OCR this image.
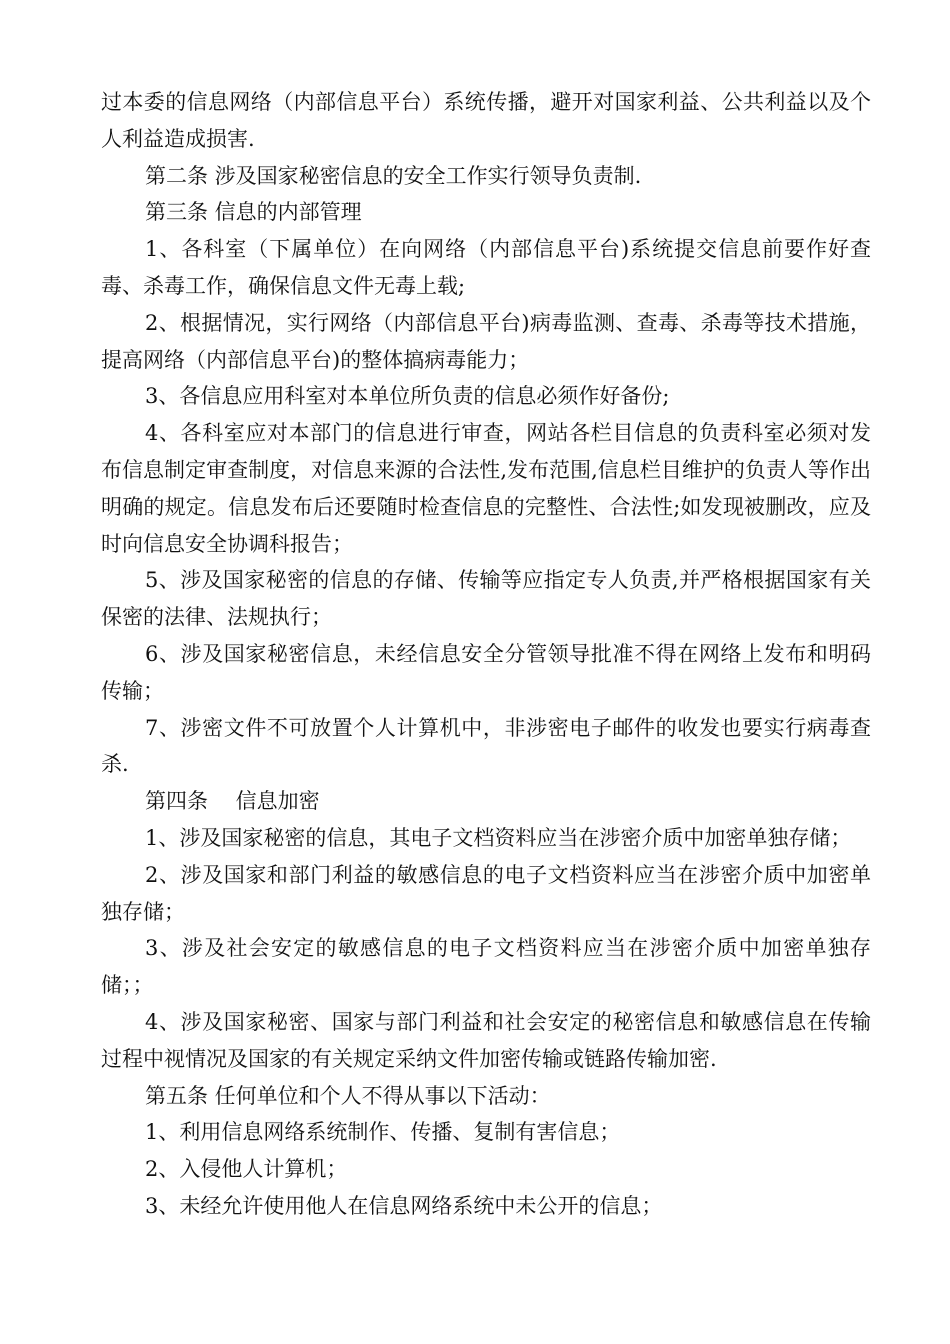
过本委的信息网络（内部信息平台）系统传播，避开对国家利益、公共利益以及个人利益造成损害.

第二条 涉及国家秘密信息的安全工作实行领导负责制.

第三条 信息的内部管理

1、各科室（下属单位）在向网络（内部信息平台)系统提交信息前要作好查毒、杀毒工作，确保信息文件无毒上载;

2、根据情况，实行网络（内部信息平台)病毒监测、查毒、杀毒等技术措施，提高网络（内部信息平台)的整体搞病毒能力；

3、各信息应用科室对本单位所负责的信息必须作好备份;

4、各科室应对本部门的信息进行审查，网站各栏目信息的负责科室必须对发布信息制定审查制度，对信息来源的合法性,发布范围,信息栏目维护的负责人等作出明确的规定。信息发布后还要随时检查信息的完整性、合法性;如发现被删改，应及时向信息安全协调科报告；

5、涉及国家秘密的信息的存储、传输等应指定专人负责,并严格根据国家有关保密的法律、法规执行；

6、涉及国家秘密信息，未经信息安全分管领导批准不得在网络上发布和明码传输；

7、涉密文件不可放置个人计算机中，非涉密电子邮件的收发也要实行病毒查杀.

第四条　 信息加密

1、涉及国家秘密的信息，其电子文档资料应当在涉密介质中加密单独存储；

2、涉及国家和部门利益的敏感信息的电子文档资料应当在涉密介质中加密单独存储；

3、涉及社会安定的敏感信息的电子文档资料应当在涉密介质中加密单独存储；；

4、涉及国家秘密、国家与部门利益和社会安定的秘密信息和敏感信息在传输过程中视情况及国家的有关规定采纳文件加密传输或链路传输加密.

第五条 任何单位和个人不得从事以下活动：

1、利用信息网络系统制作、传播、复制有害信息；

2、入侵他人计算机；

3、未经允许使用他人在信息网络系统中未公开的信息；
